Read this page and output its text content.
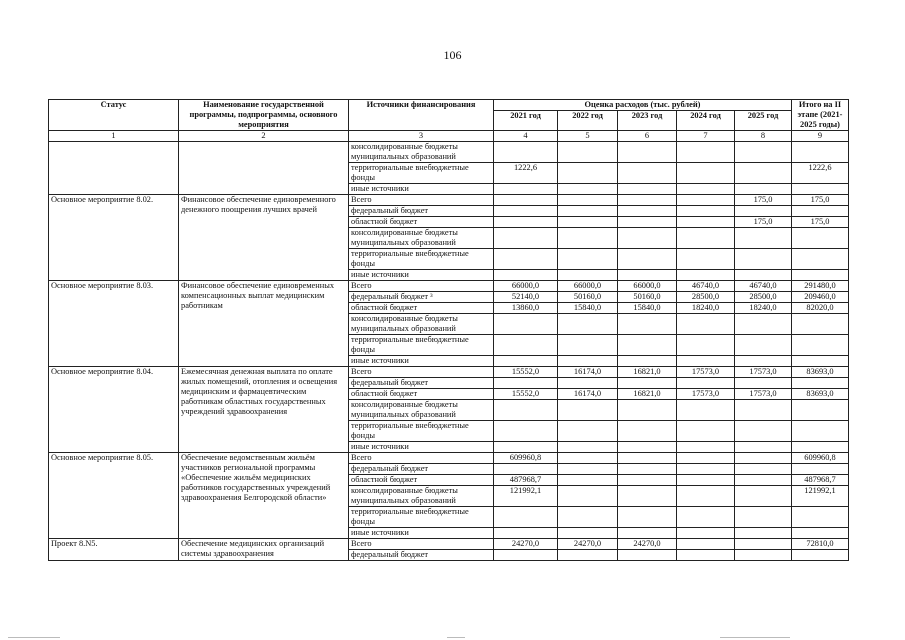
106
Статус	Наименование государственной программы, подпрограммы, основного мероприятия	Источники финансирования	Оценка расходов (тыс. рублей)					Итого на II этапе (2021-2025 годы)
			2021 год	2022 год	2023 год	2024 год	2025 год	
1	2	3	4	5	6	7	8	9
		консолидированные бюджеты муниципальных образований						
		территориальные внебюджетные фонды	1222,6					1222,6
		иные источники						
Основное мероприятие 8.02.	Финансовое обеспечение единовременного денежного поощрения лучших врачей	Всего					175,0	175,0
		федеральный бюджет						
		областной бюджет					175,0	175,0
		консолидированные бюджеты муниципальных образований						
		территориальные внебюджетные фонды						
		иные источники						
Основное мероприятие 8.03.	Финансовое обеспечение единовременных компенсационных выплат медицинским работникам	Всего	66000,0	66000,0	66000,0	46740,0	46740,0	291480,0
		федеральный бюджет ³	52140,0	50160,0	50160,0	28500,0	28500,0	209460,0
		областной бюджет	13860,0	15840,0	15840,0	18240,0	18240,0	82020,0
		консолидированные бюджеты муниципальных образований						
		территориальные внебюджетные фонды						
		иные источники						
Основное мероприятие 8.04.	Ежемесячная денежная выплата по оплате жилых помещений, отопления и освещения медицинским и фармацевтическим работникам областных государственных учреждений здравоохранения	Всего	15552,0	16174,0	16821,0	17573,0	17573,0	83693,0
		федеральный бюджет						
		областной бюджет	15552,0	16174,0	16821,0	17573,0	17573,0	83693,0
		консолидированные бюджеты муниципальных образований						
		территориальные внебюджетные фонды						
		иные источники						
Основное мероприятие 8.05.	Обеспечение ведомственным жильём участников региональной программы «Обеспечение жильём медицинских работников государственных учреждений здравоохранения Белгородской области»	Всего	609960,8					609960,8
		федеральный бюджет						
		областной бюджет	487968,7					487968,7
		консолидированные бюджеты муниципальных образований	121992,1					121992,1
		территориальные внебюджетные фонды						
		иные источники						
Проект 8.N5.	Обеспечение медицинских организаций системы здравоохранения	Всего	24270,0	24270,0	24270,0			72810,0
		федеральный бюджет						
